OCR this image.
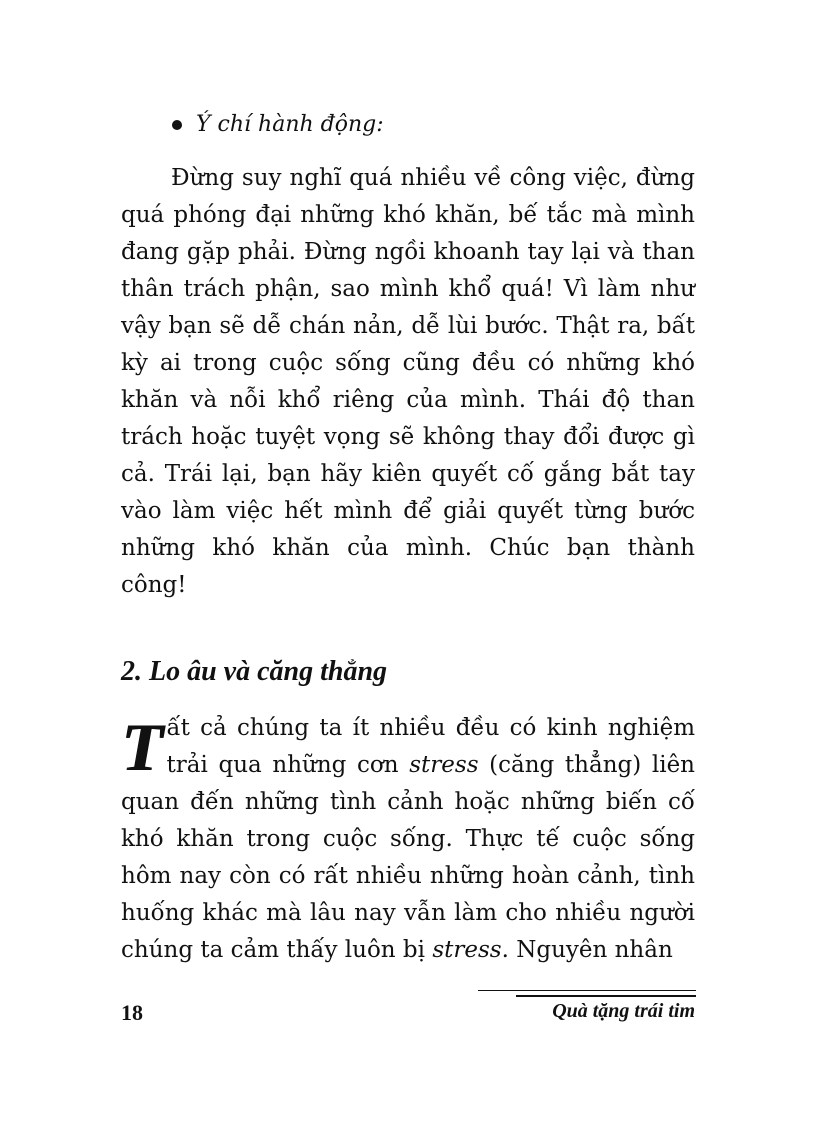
Ý chí hành động:

Đừng suy nghĩ quá nhiều về công việc, đừng quá phóng đại những khó khăn, bế tắc mà mình đang gặp phải. Đừng ngồi khoanh tay lại và than thân trách phận, sao mình khổ quá! Vì làm như vậy bạn sẽ dễ chán nản, dễ lùi bước. Thật ra, bất kỳ ai trong cuộc sống cũng đều có những khó khăn và nỗi khổ riêng của mình. Thái độ than trách hoặc tuyệt vọng sẽ không thay đổi được gì cả. Trái lại, bạn hãy kiên quyết cố gắng bắt tay vào làm việc hết mình để giải quyết từng bước những khó khăn của mình. Chúc bạn thành công!

2. Lo âu và căng thẳng

Tất cả chúng ta ít nhiều đều có kinh nghiệm trải qua những cơn stress (căng thẳng) liên quan đến những tình cảnh hoặc những biến cố khó khăn trong cuộc sống. Thực tế cuộc sống hôm nay còn có rất nhiều những hoàn cảnh, tình huống khác mà lâu nay vẫn làm cho nhiều người chúng ta cảm thấy luôn bị stress. Nguyên nhân

18	Quà tặng trái tim
